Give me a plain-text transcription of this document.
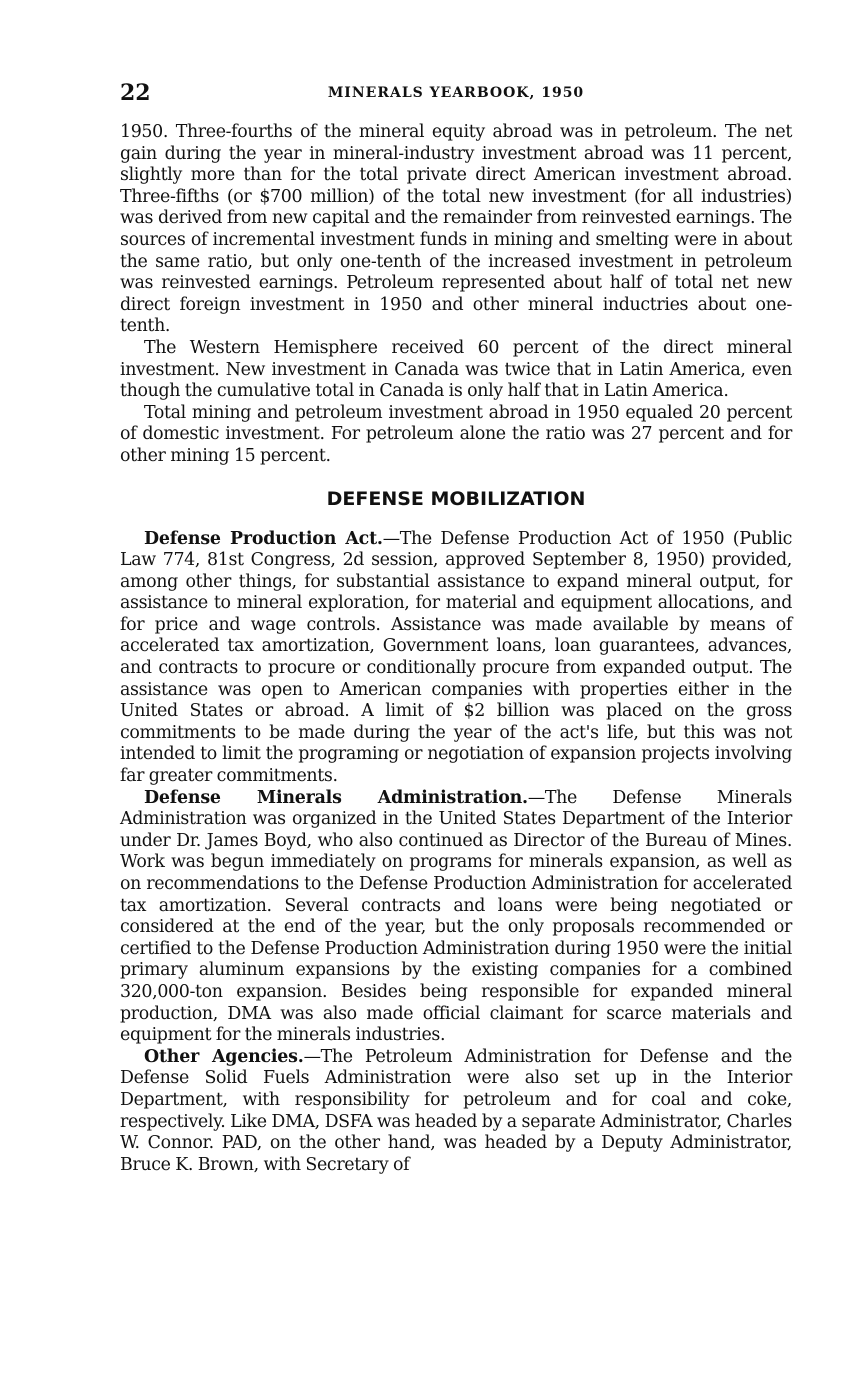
22	MINERALS YEARBOOK, 1950

1950. Three-fourths of the mineral equity abroad was in petroleum. The net gain during the year in mineral-industry investment abroad was 11 percent, slightly more than for the total private direct American investment abroad. Three-fifths (or $700 million) of the total new investment (for all industries) was derived from new capital and the remainder from reinvested earnings. The sources of incremental investment funds in mining and smelting were in about the same ratio, but only one-tenth of the increased investment in petroleum was reinvested earnings. Petroleum represented about half of total net new direct foreign investment in 1950 and other mineral inductries about one-tenth.

The Western Hemisphere received 60 percent of the direct mineral investment. New investment in Canada was twice that in Latin America, even though the cumulative total in Canada is only half that in Latin America.

Total mining and petroleum investment abroad in 1950 equaled 20 percent of domestic investment. For petroleum alone the ratio was 27 percent and for other mining 15 percent.

DEFENSE MOBILIZATION

Defense Production Act.—The Defense Production Act of 1950 (Public Law 774, 81st Congress, 2d session, approved September 8, 1950) provided, among other things, for substantial assistance to expand mineral output, for assistance to mineral exploration, for material and equipment allocations, and for price and wage controls. Assistance was made available by means of accelerated tax amortization, Government loans, loan guarantees, advances, and contracts to procure or conditionally procure from expanded output. The assistance was open to American companies with properties either in the United States or abroad. A limit of $2 billion was placed on the gross commitments to be made during the year of the act's life, but this was not intended to limit the programing or negotiation of expansion projects involving far greater commitments.

Defense Minerals Administration.—The Defense Minerals Administration was organized in the United States Department of the Interior under Dr. James Boyd, who also continued as Director of the Bureau of Mines. Work was begun immediately on programs for minerals expansion, as well as on recommendations to the Defense Production Administration for accelerated tax amortization. Several contracts and loans were being negotiated or considered at the end of the year, but the only proposals recommended or certified to the Defense Production Administration during 1950 were the initial primary aluminum expansions by the existing companies for a combined 320,000-ton expansion. Besides being responsible for expanded mineral production, DMA was also made official claimant for scarce materials and equipment for the minerals industries.

Other Agencies.—The Petroleum Administration for Defense and the Defense Solid Fuels Administration were also set up in the Interior Department, with responsibility for petroleum and for coal and coke, respectively. Like DMA, DSFA was headed by a separate Administrator, Charles W. Connor. PAD, on the other hand, was headed by a Deputy Administrator, Bruce K. Brown, with Secretary of
